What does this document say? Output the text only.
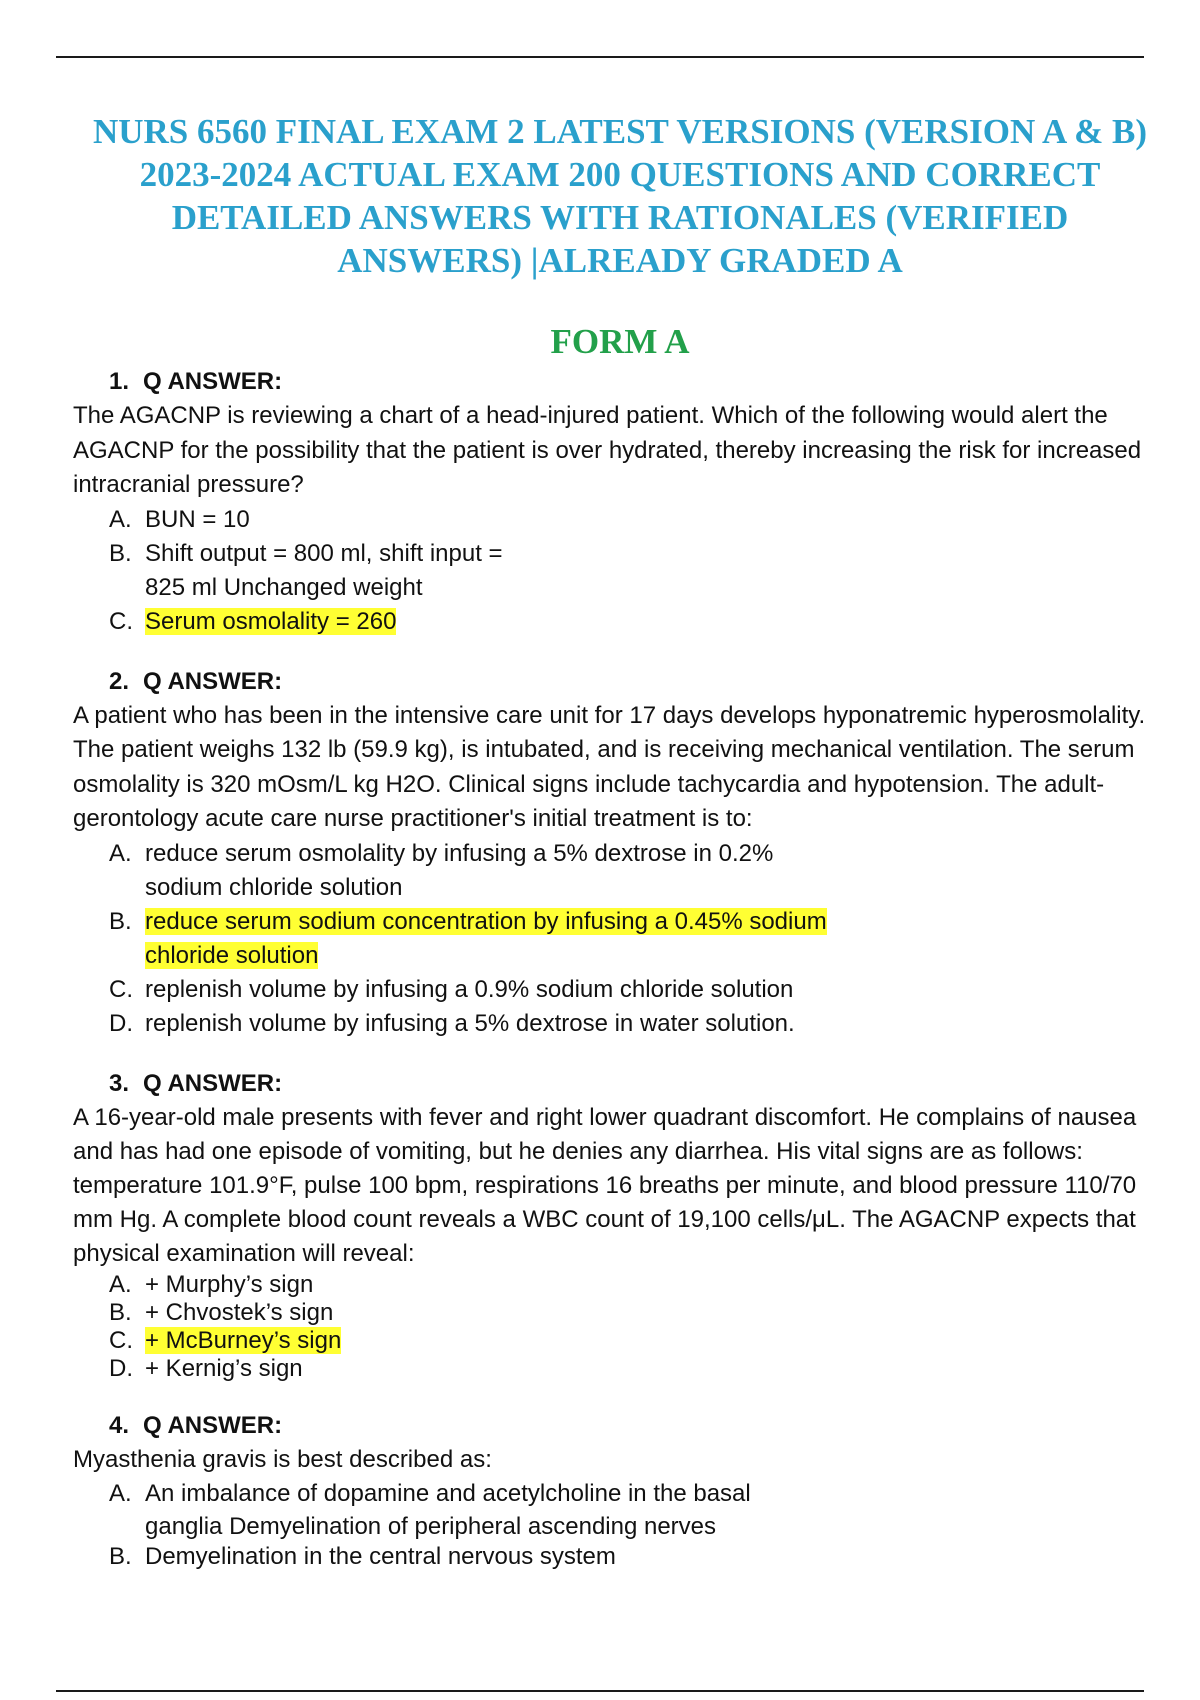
NURS 6560 FINAL EXAM 2 LATEST VERSIONS (VERSION A & B)
2023-2024 ACTUAL EXAM 200 QUESTIONS AND CORRECT
DETAILED ANSWERS WITH RATIONALES (VERIFIED
ANSWERS) |ALREADY GRADED A
FORM A
1. Q ANSWER:
The AGACNP is reviewing a chart of a head-injured patient. Which of the following would alert the AGACNP for the possibility that the patient is over hydrated, thereby increasing the risk for increased intracranial pressure?
A. BUN = 10
B. Shift output = 800 ml, shift input = 825 ml Unchanged weight
C. Serum osmolality = 260
2. Q ANSWER:
A patient who has been in the intensive care unit for 17 days develops hyponatremic hyperosmolality. The patient weighs 132 lb (59.9 kg), is intubated, and is receiving mechanical ventilation. The serum osmolality is 320 mOsm/L kg H2O. Clinical signs include tachycardia and hypotension. The adult-gerontology acute care nurse practitioner's initial treatment is to:
A. reduce serum osmolality by infusing a 5% dextrose in 0.2% sodium chloride solution
B. reduce serum sodium concentration by infusing a 0.45% sodium chloride solution
C. replenish volume by infusing a 0.9% sodium chloride solution
D. replenish volume by infusing a 5% dextrose in water solution.
3. Q ANSWER:
A 16-year-old male presents with fever and right lower quadrant discomfort. He complains of nausea and has had one episode of vomiting, but he denies any diarrhea. His vital signs are as follows: temperature 101.9°F, pulse 100 bpm, respirations 16 breaths per minute, and blood pressure 110/70 mm Hg. A complete blood count reveals a WBC count of 19,100 cells/μL. The AGACNP expects that physical examination will reveal:
A. + Murphy’s sign
B. + Chvostek’s sign
C. + McBurney’s sign
D. + Kernig’s sign
4. Q ANSWER:
Myasthenia gravis is best described as:
A. An imbalance of dopamine and acetylcholine in the basal ganglia Demyelination of peripheral ascending nerves
B. Demyelination in the central nervous system
